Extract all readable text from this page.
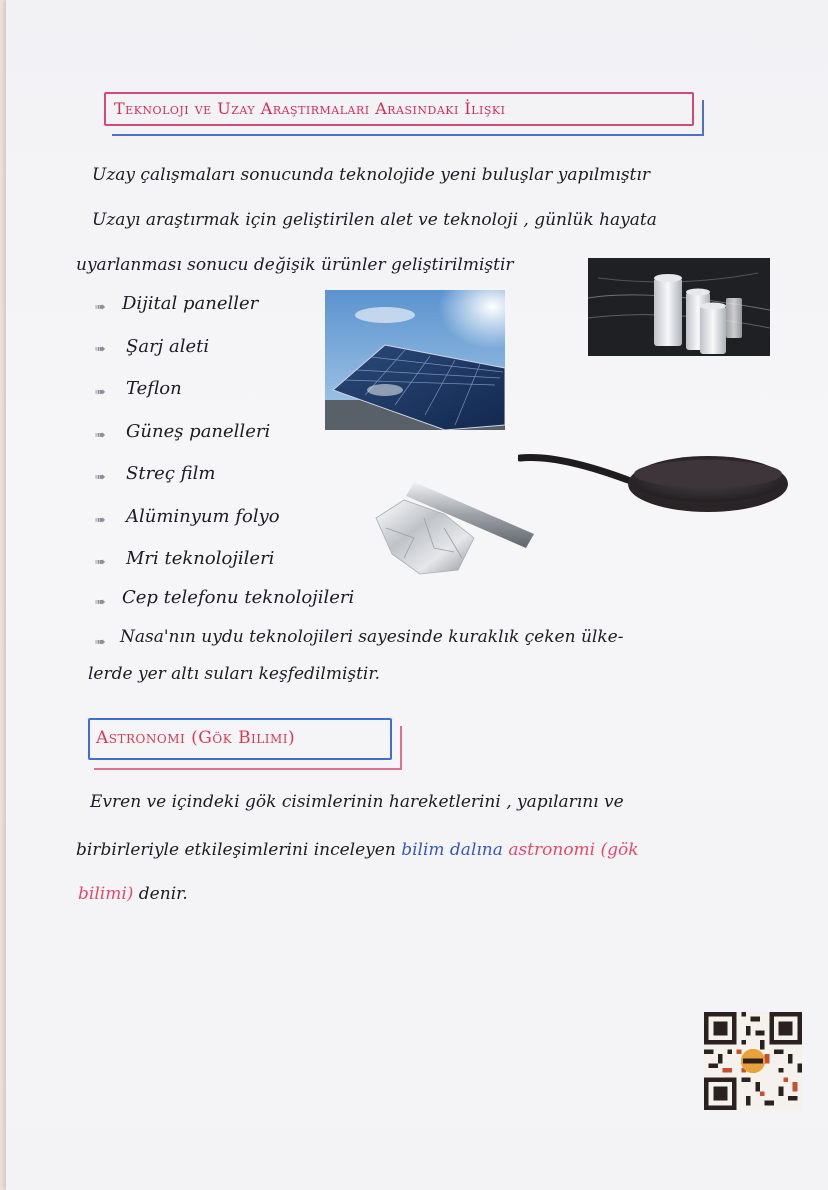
Teknoloji ve Uzay Araştırmaları Arasındaki İlişki
Uzay çalışmaları sonucunda teknolojide yeni buluşlar yapılmıştır
Uzayı araştırmak için geliştirilen alet ve teknoloji , günlük hayata
uyarlanması sonucu değişik ürünler geliştirilmiştir
➠ Dijital paneller
➠ Şarj aleti
➠ Teflon
➠ Güneş panelleri
➠ Streç film
➠ Alüminyum folyo
➠ Mri teknolojileri
➠ Cep telefonu teknolojileri
➠ Nasa'nın uydu teknolojileri sayesinde kuraklık çeken ülke-
lerde yer altı suları keşfedilmiştir.
Astronomi (Gök Bilimi)
Evren ve içindeki gök cisimlerinin hareketlerini , yapılarını ve
birbirleriyle etkileşimlerini inceleyen bilim dalına astronomi (gök
bilimi) denir.
